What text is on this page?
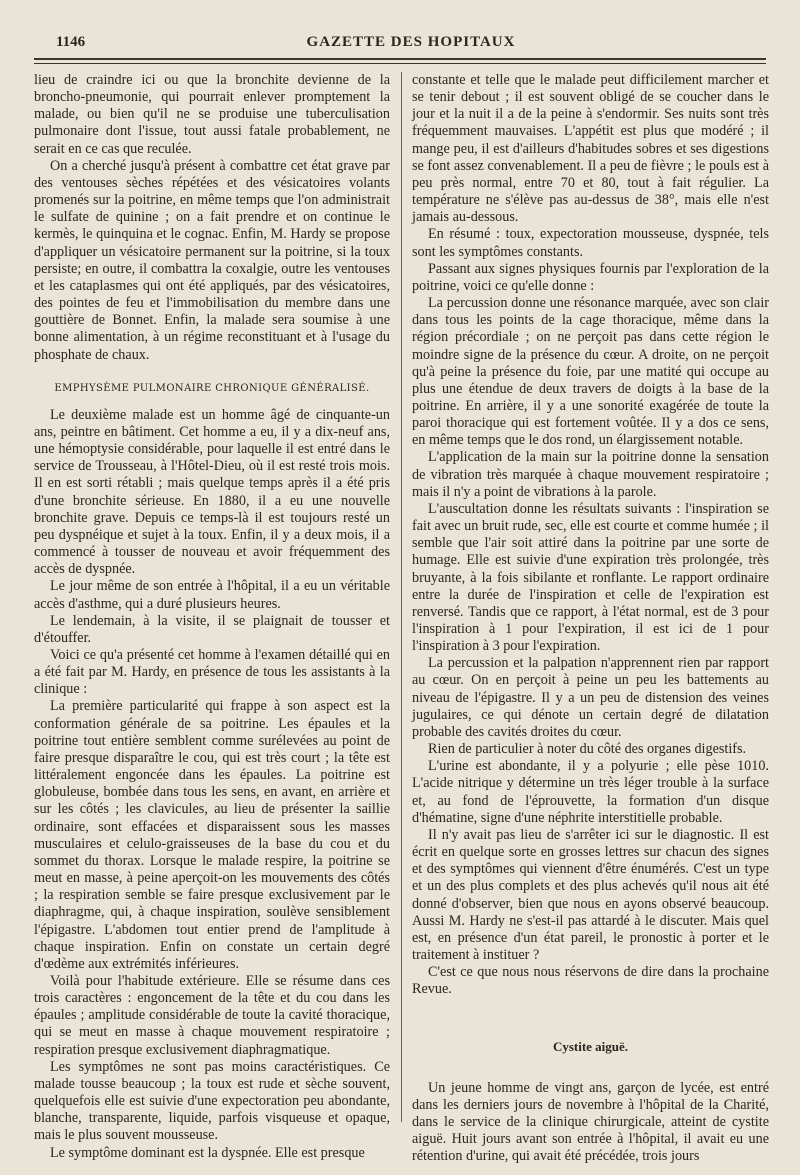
1146	GAZETTE DES HOPITAUX

lieu de craindre ici ou que la bronchite devienne de la broncho-pneumonie, qui pourrait enlever promptement la malade, ou bien qu'il ne se produise une tuberculisation pulmonaire dont l'issue, tout aussi fatale probablement, ne serait en ce cas que reculée.

On a cherché jusqu'à présent à combattre cet état grave par des ventouses sèches répétées et des vésicatoires volants promenés sur la poitrine, en même temps que l'on administrait le sulfate de quinine ; on a fait prendre et on continue le kermès, le quinquina et le cognac. Enfin, M. Hardy se propose d'appliquer un vésicatoire permanent sur la poitrine, si la toux persiste; en outre, il combattra la coxalgie, outre les ventouses et les cataplasmes qui ont été appliqués, par des vésicatoires, des pointes de feu et l'immobilisation du membre dans une gouttière de Bonnet. Enfin, la malade sera soumise à une bonne alimentation, à un régime reconstituant et à l'usage du phosphate de chaux.

EMPHYSÈME PULMONAIRE CHRONIQUE GÉNÉRALISÉ.

Le deuxième malade est un homme âgé de cinquante-un ans, peintre en bâtiment. Cet homme a eu, il y a dix-neuf ans, une hémoptysie considérable, pour laquelle il est entré dans le service de Trousseau, à l'Hôtel-Dieu, où il est resté trois mois. Il en est sorti rétabli ; mais quelque temps après il a été pris d'une bronchite sérieuse. En 1880, il a eu une nouvelle bronchite grave. Depuis ce temps-là il est toujours resté un peu dyspnéique et sujet à la toux. Enfin, il y a deux mois, il a commencé à tousser de nouveau et avoir fréquemment des accès de dyspnée.

Le jour même de son entrée à l'hôpital, il a eu un véritable accès d'asthme, qui a duré plusieurs heures.

Le lendemain, à la visite, il se plaignait de tousser et d'étouffer.

Voici ce qu'a présenté cet homme à l'examen détaillé qui en a été fait par M. Hardy, en présence de tous les assistants à la clinique :

La première particularité qui frappe à son aspect est la conformation générale de sa poitrine. Les épaules et la poitrine tout entière semblent comme surélevées au point de faire presque disparaître le cou, qui est très court ; la tête est littéralement engoncée dans les épaules. La poitrine est globuleuse, bombée dans tous les sens, en avant, en arrière et sur les côtés ; les clavicules, au lieu de présenter la saillie ordinaire, sont effacées et disparaissent sous les masses musculaires et celulo-graisseuses de la base du cou et du sommet du thorax. Lorsque le malade respire, la poitrine se meut en masse, à peine aperçoit-on les mouvements des côtés ; la respiration semble se faire presque exclusivement par le diaphragme, qui, à chaque inspiration, soulève sensiblement l'épigastre. L'abdomen tout entier prend de l'amplitude à chaque inspiration. Enfin on constate un certain degré d'œdème aux extrémités inférieures.

Voilà pour l'habitude extérieure. Elle se résume dans ces trois caractères : engoncement de la tête et du cou dans les épaules ; amplitude considérable de toute la cavité thoracique, qui se meut en masse à chaque mouvement respiratoire ; respiration presque exclusivement diaphragmatique.

Les symptômes ne sont pas moins caractéristiques. Ce malade tousse beaucoup ; la toux est rude et sèche souvent, quelquefois elle est suivie d'une expectoration peu abondante, blanche, transparente, liquide, parfois visqueuse et opaque, mais le plus souvent mousseuse.

Le symptôme dominant est la dyspnée. Elle est presque

constante et telle que le malade peut difficilement marcher et se tenir debout ; il est souvent obligé de se coucher dans le jour et la nuit il a de la peine à s'endormir. Ses nuits sont très fréquemment mauvaises. L'appétit est plus que modéré ; il mange peu, il est d'ailleurs d'habitudes sobres et ses digestions se font assez convenablement. Il a peu de fièvre ; le pouls est à peu près normal, entre 70 et 80, tout à fait régulier. La température ne s'élève pas au-dessus de 38°, mais elle n'est jamais au-dessous.

En résumé : toux, expectoration mousseuse, dyspnée, tels sont les symptômes constants.

Passant aux signes physiques fournis par l'exploration de la poitrine, voici ce qu'elle donne :

La percussion donne une résonance marquée, avec son clair dans tous les points de la cage thoracique, même dans la région précordiale ; on ne perçoit pas dans cette région le moindre signe de la présence du cœur. A droite, on ne perçoit qu'à peine la présence du foie, par une matité qui occupe au plus une étendue de deux travers de doigts à la base de la poitrine. En arrière, il y a une sonorité exagérée de toute la paroi thoracique qui est fortement voûtée. Il y a dos ce sens, en même temps que le dos rond, un élargissement notable.

L'application de la main sur la poitrine donne la sensation de vibration très marquée à chaque mouvement respiratoire ; mais il n'y a point de vibrations à la parole.

L'auscultation donne les résultats suivants : l'inspiration se fait avec un bruit rude, sec, elle est courte et comme humée ; il semble que l'air soit attiré dans la poitrine par une sorte de humage. Elle est suivie d'une expiration très prolongée, très bruyante, à la fois sibilante et ronflante. Le rapport ordinaire entre la durée de l'inspiration et celle de l'expiration est renversé. Tandis que ce rapport, à l'état normal, est de 3 pour l'inspiration à 1 pour l'expiration, il est ici de 1 pour l'inspiration à 3 pour l'expiration.

La percussion et la palpation n'apprennent rien par rapport au cœur. On en perçoit à peine un peu les battements au niveau de l'épigastre. Il y a un peu de distension des veines jugulaires, ce qui dénote un certain degré de dilatation probable des cavités droites du cœur.

Rien de particulier à noter du côté des organes digestifs.

L'urine est abondante, il y a polyurie ; elle pèse 1010. L'acide nitrique y détermine un très léger trouble à la surface et, au fond de l'éprouvette, la formation d'un disque d'hématine, signe d'une néphrite interstitielle probable.

Il n'y avait pas lieu de s'arrêter ici sur le diagnostic. Il est écrit en quelque sorte en grosses lettres sur chacun des signes et des symptômes qui viennent d'être énumérés. C'est un type et un des plus complets et des plus achevés qu'il nous ait été donné d'observer, bien que nous en ayons observé beaucoup. Aussi M. Hardy ne s'est-il pas attardé à le discuter. Mais quel est, en présence d'un état pareil, le pronostic à porter et le traitement à instituer ?

C'est ce que nous nous réservons de dire dans la prochaine Revue.

Cystite aiguë.

Un jeune homme de vingt ans, garçon de lycée, est entré dans les derniers jours de novembre à l'hôpital de la Charité, dans le service de la clinique chirurgicale, atteint de cystite aiguë. Huit jours avant son entrée à l'hôpital, il avait eu une rétention d'urine, qui avait été précédée, trois jours
